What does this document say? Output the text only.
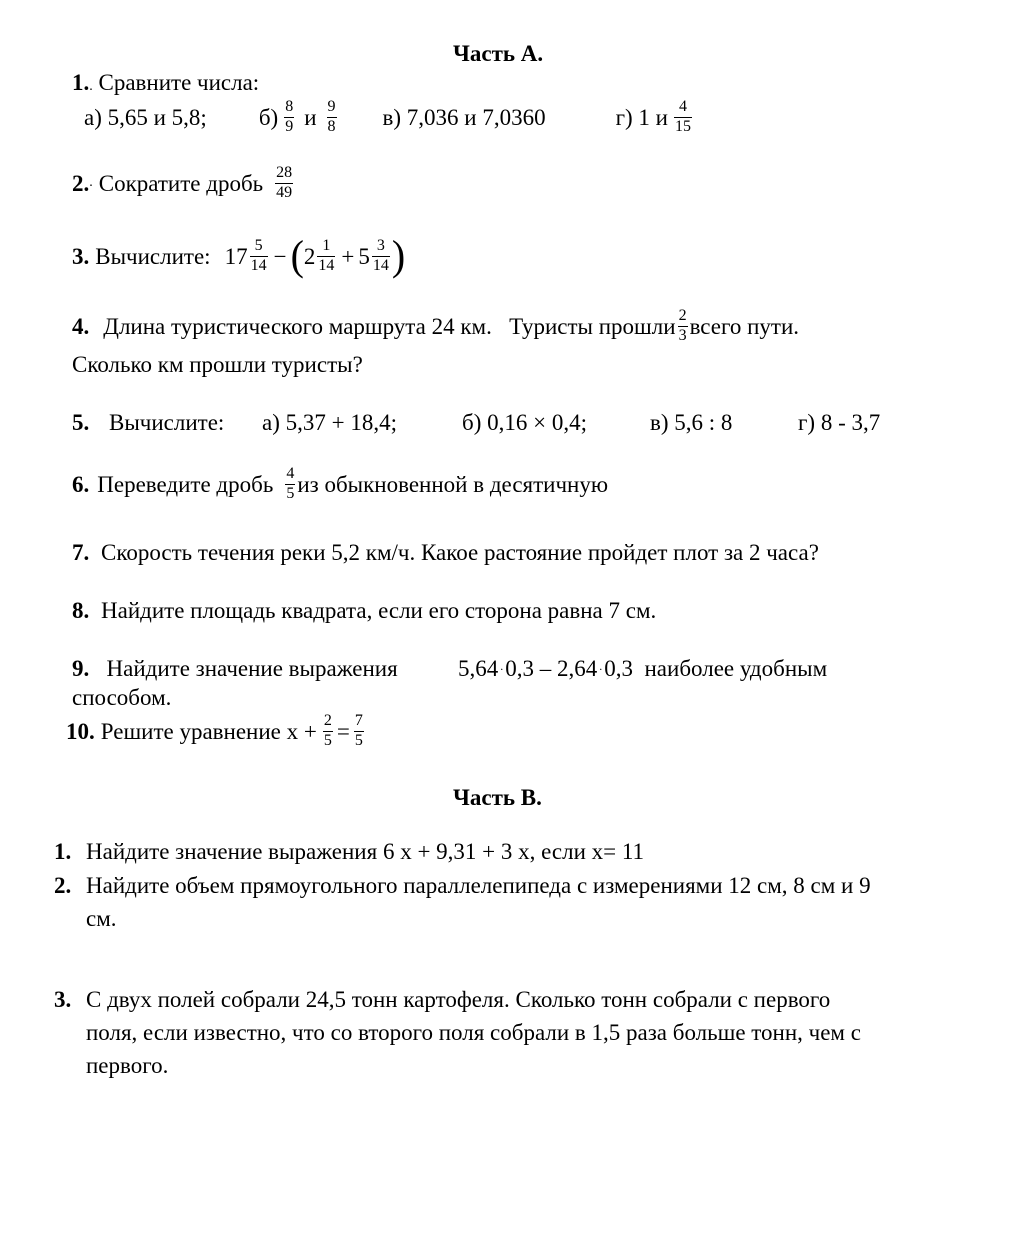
Часть А.
1.. Сравните числа:
а) 5,65 и 5,8; $б) \frac{8}{9}$ и $\frac{9}{8} в$) 7,036 и 7,0360	г) 1 и $\frac{4}{15}$
2. . Сократите дробь $\frac{28}{49}$
3. Вычислите: $17 \frac{5}{14}$ − ( $2 \frac{1}{14} + 5 \frac{3}{14}$ )
4. Длина туристического маршрута 24 км.   Туристы прошли $\frac{2}{3}$ всего пути.
Сколько км прошли туристы?
5. Вычислите: а) 5,37 + 18,4;	б) 0,16 × 0,4;	в) 5,6 : 8	г) 8 - 3,7
6. Переведите дробь $\frac{4}{5}$ из обыкновенной в десятичную
7. Скорость течения реки 5,2 км/ч. Какое растояние пройдет плот за 2 часа?
8. Найдите площадь квадрата, если его сторона равна 7 см.
9. Найдите значение выражения	5,64 .0,3 – 2,64 .0,3  наиболее удобным
способом.
10. Решите уравнение $х + \frac{2}{5} = \frac{7}{5}$
Часть В.
1. Найдите значение выражения 6 х + 9,31 + 3 х, если х= 11
2. Найдите объем прямоугольного параллелепипеда с измерениями 12 см, 8 см и 9
см.
3. С двух полей собрали 24,5 тонн картофеля. Сколько тонн собрали с первого
поля, если известно, что со второго поля собрали в 1,5 раза больше тонн, чем с
первого.
